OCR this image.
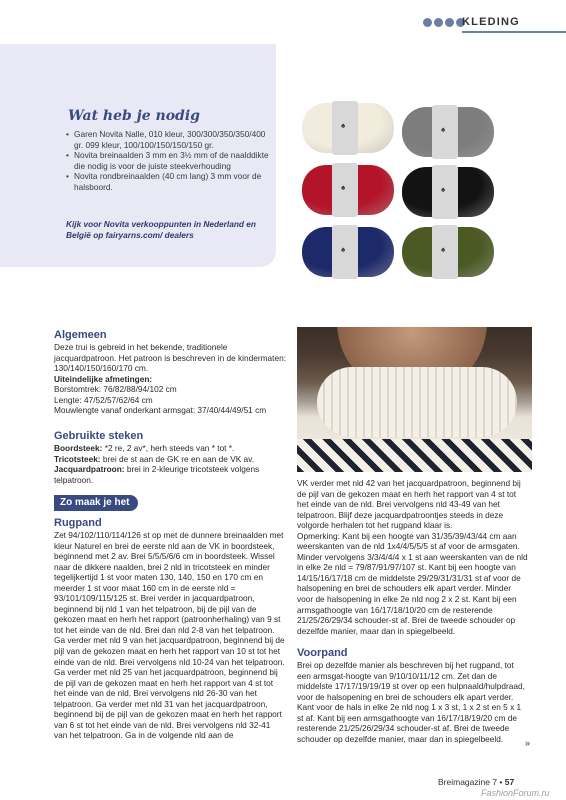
KLEDING
Wat heb je nodig
• Garen Novita Nalle, 010 kleur, 300/300/350/350/400 gr. 099 kleur, 100/100/150/150/150 gr.
• Novita breinaalden 3 mm en 3½ mm of de naalddikte die nodig is voor de juiste steekverhouding
• Novita rondbreinaalden (40 cm lang) 3 mm voor de halsboord.
Kijk voor Novita verkooppunten in Nederland en België op fairyarns.com/ dealers
♠	♠
♠	♠
♠	♠
Algemeen

Deze trui is gebreid in het bekende, traditionele jacquardpatroon. Het patroon is beschreven in de kindermaten: 130/140/150/160/170 cm.

Uiteindelijke afmetingen:

Borstomtrek: 76/82/88/94/102 cm

Lengte: 47/52/57/62/64 cm

Mouwlengte vanaf onderkant armsgat: 37/40/44/49/51 cm

Gebruikte steken

Boordsteek: *2 re, 2 av*, herh steeds van * tot *.

Tricotsteek: brei de st aan de GK re en aan de VK av.

Jacquardpatroon: brei in 2-kleurige tricotsteek volgens telpatroon.

Zo maak je het
Rugpand

Zet 94/102/110/114/126 st op met de dunnere breinaalden met kleur Naturel en brei de eerste nld aan de VK in boordsteek, beginnend met 2 av. Brei 5/5/5/6/6 cm in boordsteek. Wissel naar de dikkere naalden, brei 2 nld in tricotsteek en minder tegelijkertijd 1 st voor maten 130, 140, 150 en 170 cm en meerder 1 st voor maat 160 cm in de eerste nld = 93/101/109/115/125 st. Brei verder in jacquardpatroon, beginnend bij nld 1 van het telpatroon, bij de pijl van de gekozen maat en herh het rapport (patroonherhaling) van 9 st tot het einde van de nld. Brei dan nld 2-8 van het telpatroon. Ga verder met nld 9 van het jacquardpatroon, beginnend bij de pijl van de gekozen maat en herh het rapport van 10 st tot het einde van de nld. Brei vervolgens nld 10-24 van het telpatroon. Ga verder met nld 25 van het jacquardpatroon, beginnend bij de pijl van de gekozen maat en herh het rapport van 4 st tot het einde van de nld. Brei vervolgens nld 26-30 van het telpatroon. Ga verder met nld 31 van het jacquardpatroon, beginnend bij de pijl van de gekozen maat en herh het rapport van 6 st tot het einde van de nld. Brei vervolgens nld 32-41 van het telpatroon. Ga in de volgende nld aan de

VK verder met nld 42 van het jacquardpatroon, beginnend bij de pijl van de gekozen maat en herh het rapport van 4 st tot het einde van de nld. Brei vervolgens nld 43-49 van het telpatroon. Blijf deze jacquardpatroontjes steeds in deze volgorde herhalen tot het rugpand klaar is.

Opmerking: Kant bij een hoogte van 31/35/39/43/44 cm aan weerskanten van de nld 1x4/4/5/5/5 st af voor de armsgaten. Minder vervolgens 3/3/4/4/4 x 1 st aan weerskanten van de nld in elke 2e nld = 79/87/91/97/107 st. Kant bij een hoogte van 14/15/16/17/18 cm de middelste 29/29/31/31/31 st af voor de halsopening en brei de schouders elk apart verder. Minder voor de halsopening in elke 2e nld nog 2 x 2 st. Kant bij een armsgathoogte van 16/17/18/10/20 cm de resterende 21/25/26/29/34 schouder-st af. Brei de tweede schouder op dezelfde manier, maar dan in spiegelbeeld.

Voorpand

Brei op dezelfde manier als beschreven bij het rugpand, tot een armsgat-hoogte van 9/10/10/11/12 cm. Zet dan de middelste 17/17/19/19/19 st over op een hulpnaald/hulpdraad, voor de halsopening en brei de schouders elk apart verder. Kant voor de hals in elke 2e nld nog 1 x 3 st, 1 x 2 st en 5 x 1 st af. Kant bij een armsgathoogte van 16/17/18/19/20 cm de resterende 21/25/26/29/34 schouder-st af. Brei de tweede schouder op dezelfde manier, maar dan in spiegelbeeld.	»
Breimagazine 7 • 57
FashionForum.ru
